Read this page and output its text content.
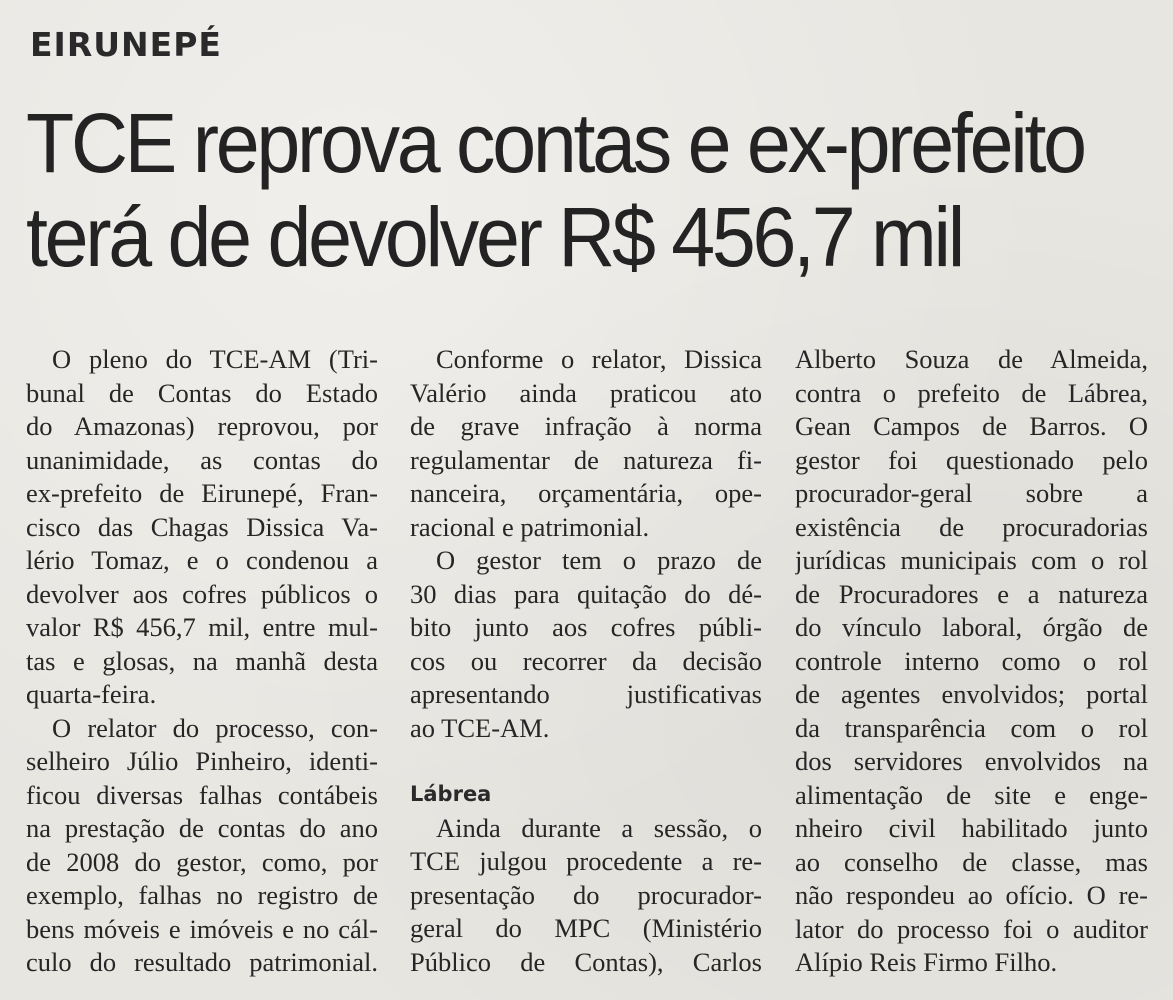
EIRUNEPÉ
TCE reprova contas e ex-prefeito
terá de devolver R$ 456,7 mil
O pleno do TCE-AM (Tri-
bunal de Contas do Estado
do Amazonas) reprovou, por
unanimidade, as contas do
ex-prefeito de Eirunepé, Fran-
cisco das Chagas Dissica Va-
lério Tomaz, e o condenou a
devolver aos cofres públicos o
valor R$ 456,7 mil, entre mul-
tas e glosas, na manhã desta
quarta-feira.
O relator do processo, con-
selheiro Júlio Pinheiro, identi-
ficou diversas falhas contábeis
na prestação de contas do ano
de 2008 do gestor, como, por
exemplo, falhas no registro de
bens móveis e imóveis e no cál-
culo do resultado patrimonial.
Conforme o relator, Dissica
Valério ainda praticou ato
de grave infração à norma
regulamentar de natureza fi-
nanceira, orçamentária, ope-
racional e patrimonial.
O gestor tem o prazo de
30 dias para quitação do dé-
bito junto aos cofres públi-
cos ou recorrer da decisão
apresentando justificativas
ao TCE-AM.
Lábrea
Ainda durante a sessão, o
TCE julgou procedente a re-
presentação do procurador-
geral do MPC (Ministério
Público de Contas), Carlos
Alberto Souza de Almeida,
contra o prefeito de Lábrea,
Gean Campos de Barros. O
gestor foi questionado pelo
procurador-geral sobre a
existência de procuradorias
jurídicas municipais com o rol
de Procuradores e a natureza
do vínculo laboral, órgão de
controle interno como o rol
de agentes envolvidos; portal
da transparência com o rol
dos servidores envolvidos na
alimentação de site e enge-
nheiro civil habilitado junto
ao conselho de classe, mas
não respondeu ao ofício. O re-
lator do processo foi o auditor
Alípio Reis Firmo Filho.
